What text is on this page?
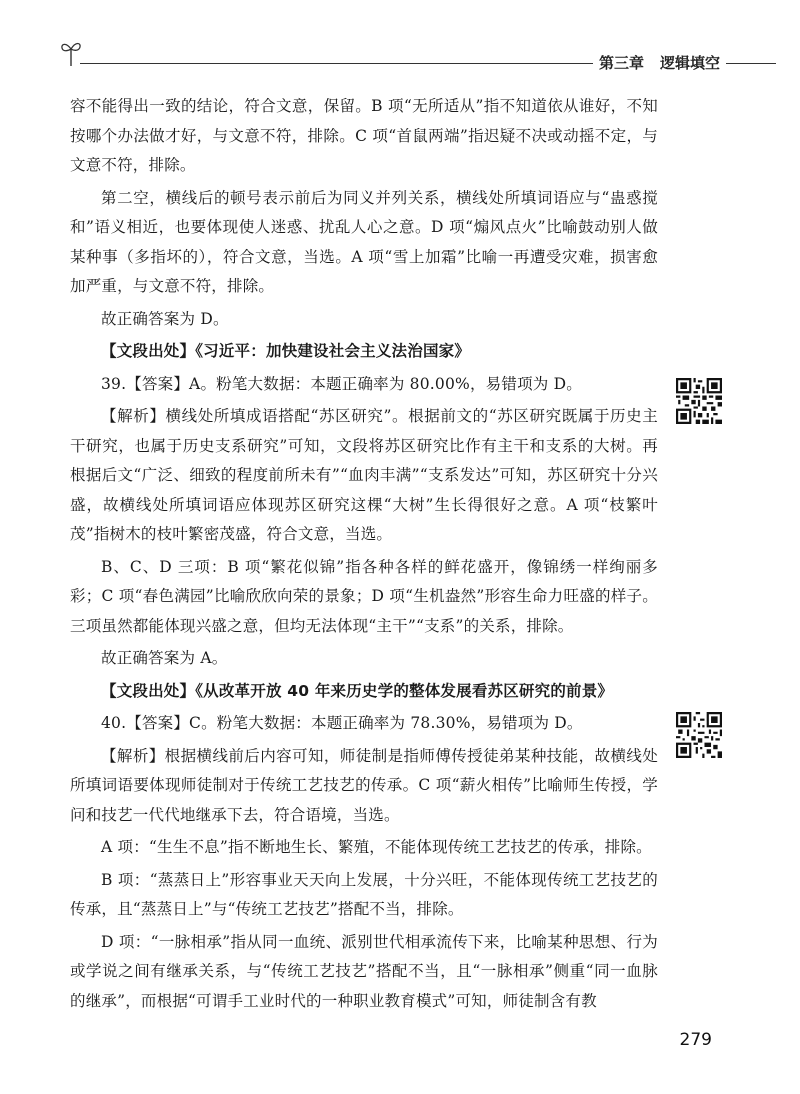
第三章 逻辑填空

容不能得出一致的结论，符合文意，保留。B 项“无所适从”指不知道依从谁好，不知按哪个办法做才好，与文意不符，排除。C 项“首鼠两端”指迟疑不决或动摇不定，与文意不符，排除。

第二空，横线后的顿号表示前后为同义并列关系，横线处所填词语应与“蛊惑搅和”语义相近，也要体现使人迷惑、扰乱人心之意。D 项“煽风点火”比喻鼓动别人做某种事（多指坏的），符合文意，当选。A 项“雪上加霜”比喻一再遭受灾难，损害愈加严重，与文意不符，排除。

故正确答案为 D。

【文段出处】《习近平：加快建设社会主义法治国家》

39.【答案】A。粉笔大数据：本题正确率为 80.00%，易错项为 D。

【解析】横线处所填成语搭配“苏区研究”。根据前文的“苏区研究既属于历史主干研究，也属于历史支系研究”可知，文段将苏区研究比作有主干和支系的大树。再根据后文“广泛、细致的程度前所未有”“血肉丰满”“支系发达”可知，苏区研究十分兴盛，故横线处所填词语应体现苏区研究这棵“大树”生长得很好之意。A 项“枝繁叶茂”指树木的枝叶繁密茂盛，符合文意，当选。

B、C、D 三项：B 项“繁花似锦”指各种各样的鲜花盛开，像锦绣一样绚丽多彩；C 项“春色满园”比喻欣欣向荣的景象；D 项“生机盎然”形容生命力旺盛的样子。三项虽然都能体现兴盛之意，但均无法体现“主干”“支系”的关系，排除。

故正确答案为 A。

【文段出处】《从改革开放 40 年来历史学的整体发展看苏区研究的前景》

40.【答案】C。粉笔大数据：本题正确率为 78.30%，易错项为 D。

【解析】根据横线前后内容可知，师徒制是指师傅传授徒弟某种技能，故横线处所填词语要体现师徒制对于传统工艺技艺的传承。C 项“薪火相传”比喻师生传授，学问和技艺一代代地继承下去，符合语境，当选。

A 项：“生生不息”指不断地生长、繁殖，不能体现传统工艺技艺的传承，排除。

B 项：“蒸蒸日上”形容事业天天向上发展，十分兴旺，不能体现传统工艺技艺的传承，且“蒸蒸日上”与“传统工艺技艺”搭配不当，排除。

D 项：“一脉相承”指从同一血统、派别世代相承流传下来，比喻某种思想、行为或学说之间有继承关系，与“传统工艺技艺”搭配不当，且“一脉相承”侧重“同一血脉的继承”，而根据“可谓手工业时代的一种职业教育模式”可知，师徒制含有教

279
